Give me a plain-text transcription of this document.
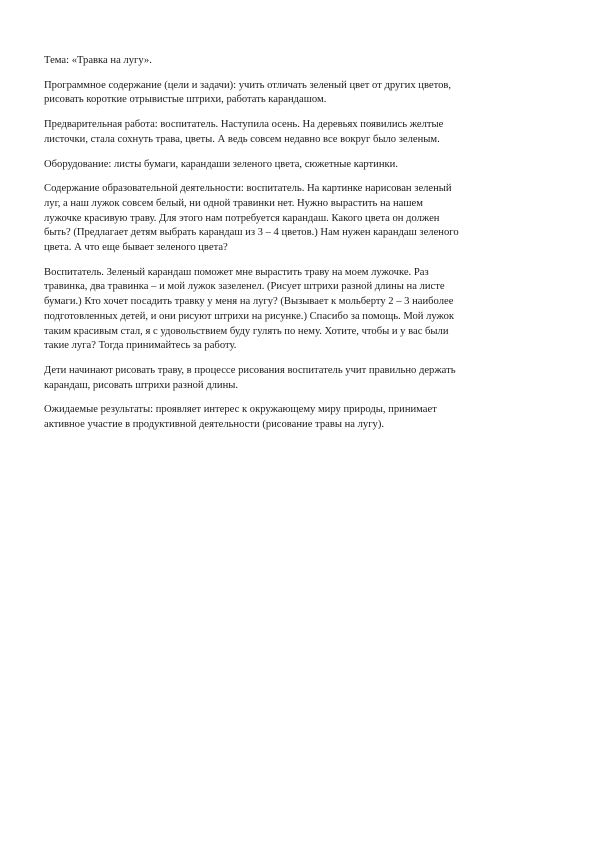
Тема: «Травка на лугу».

Программное содержание (цели и задачи): учить отличать зеленый цвет от других цветов,
рисовать короткие отрывистые штрихи, работать карандашом.

Предварительная работа: воспитатель. Наступила осень. На деревьях появились желтые
листочки, стала сохнуть трава, цветы. А ведь совсем недавно все вокруг было зеленым.

Оборудование: листы бумаги, карандаши зеленого цвета, сюжетные картинки.

Содержание образовательной деятельности: воспитатель. На картинке нарисован зеленый
луг, а наш лужок совсем белый, ни одной травинки нет. Нужно вырастить на нашем
лужочке красивую траву. Для этого нам потребуется карандаш. Какого цвета он должен
быть? (Предлагает детям выбрать карандаш из 3 – 4 цветов.) Нам нужен карандаш зеленого
цвета. А что еще бывает зеленого цвета?

Воспитатель. Зеленый карандаш поможет мне вырастить траву на моем лужочке. Раз
травинка, два травинка – и мой лужок зазеленел. (Рисует штрихи разной длины на листе
бумаги.) Кто хочет посадить травку у меня на лугу? (Вызывает к мольберту 2 – 3 наиболее
подготовленных детей, и они рисуют штрихи на рисунке.) Спасибо за помощь. Мой лужок
таким красивым стал, я с удовольствием буду гулять по нему. Хотите, чтобы и у вас были
такие луга? Тогда принимайтесь за работу.

Дети начинают рисовать траву, в процессе рисования воспитатель учит правильно держать
карандаш, рисовать штрихи разной длины.

Ожидаемые результаты: проявляет интерес к окружающему миру природы, принимает
активное участие в продуктивной деятельности (рисование травы на лугу).
